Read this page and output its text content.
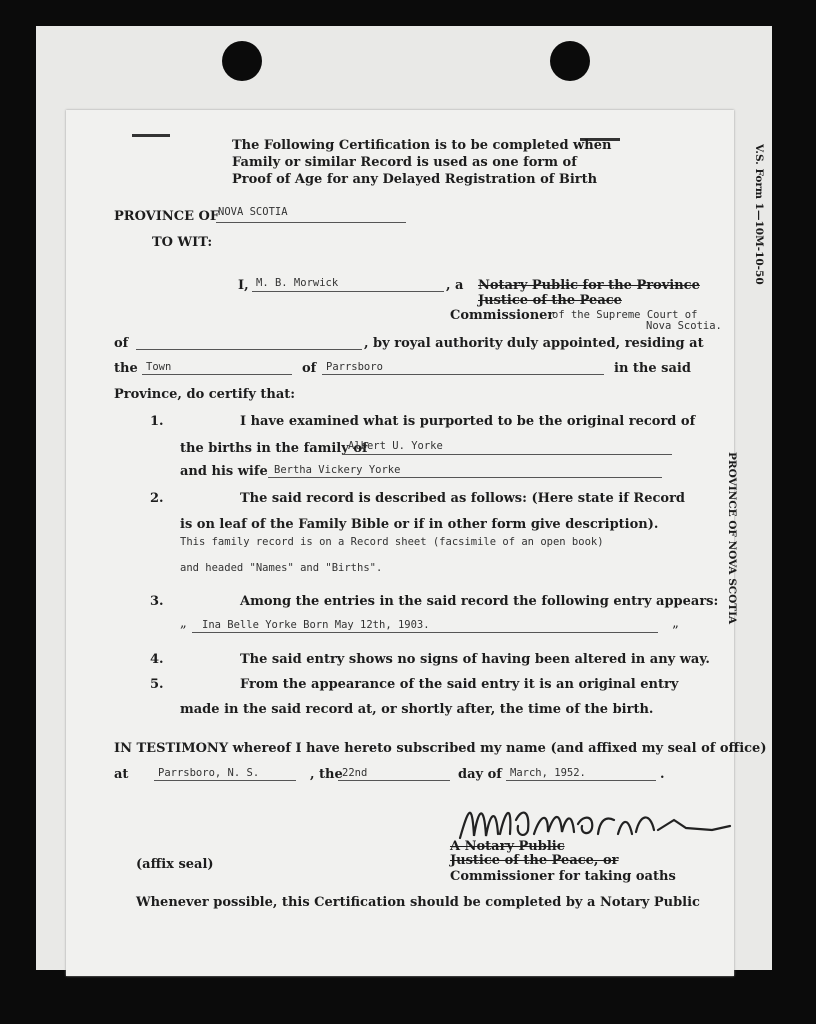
V.S. Form 1—10M-10-50
The Following Certification is to be completed when
Family or similar Record is used as one form of
Proof of Age for any Delayed Registration of Birth
PROVINCE OF
NOVA SCOTIA
TO WIT:
I, M. B. Morwick	, a Notary Public for the Province
Justice of the Peace
Commissioner
of the Supreme Court of
Nova Scotia.
of	, by royal authority duly appointed, residing at
the Town	of Parrsboro	in the said
Province, do certify that:
1.	I have examined what is purported to be the original record of
the births in the family of
Albert U. Yorke
and his wife Bertha Vickery Yorke
2.	The said record is described as follows: (Here state if Record
is on leaf of the Family Bible or if in other form give description).
This family record is on a Record sheet (facsimile of an open book)
and headed "Names" and "Births".
3.	Among the entries in the said record the following entry appears:
„ Ina Belle Yorke Born May 12th, 1903.	”
4.	The said entry shows no signs of having been altered in any way.
5.	From the appearance of the said entry it is an original entry
made in the said record at, or shortly after, the time of the birth.
IN TESTIMONY whereof I have hereto subscribed my name (and affixed my seal of office)
at	Parrsboro, N. S.	, the 22nd	day of March, 1952.	.
A Notary Public
Justice of the Peace, or
Commissioner for taking oaths
(affix seal)
Whenever possible, this Certification should be completed by a Notary Public
PROVINCE OF NOVA SCOTIA
